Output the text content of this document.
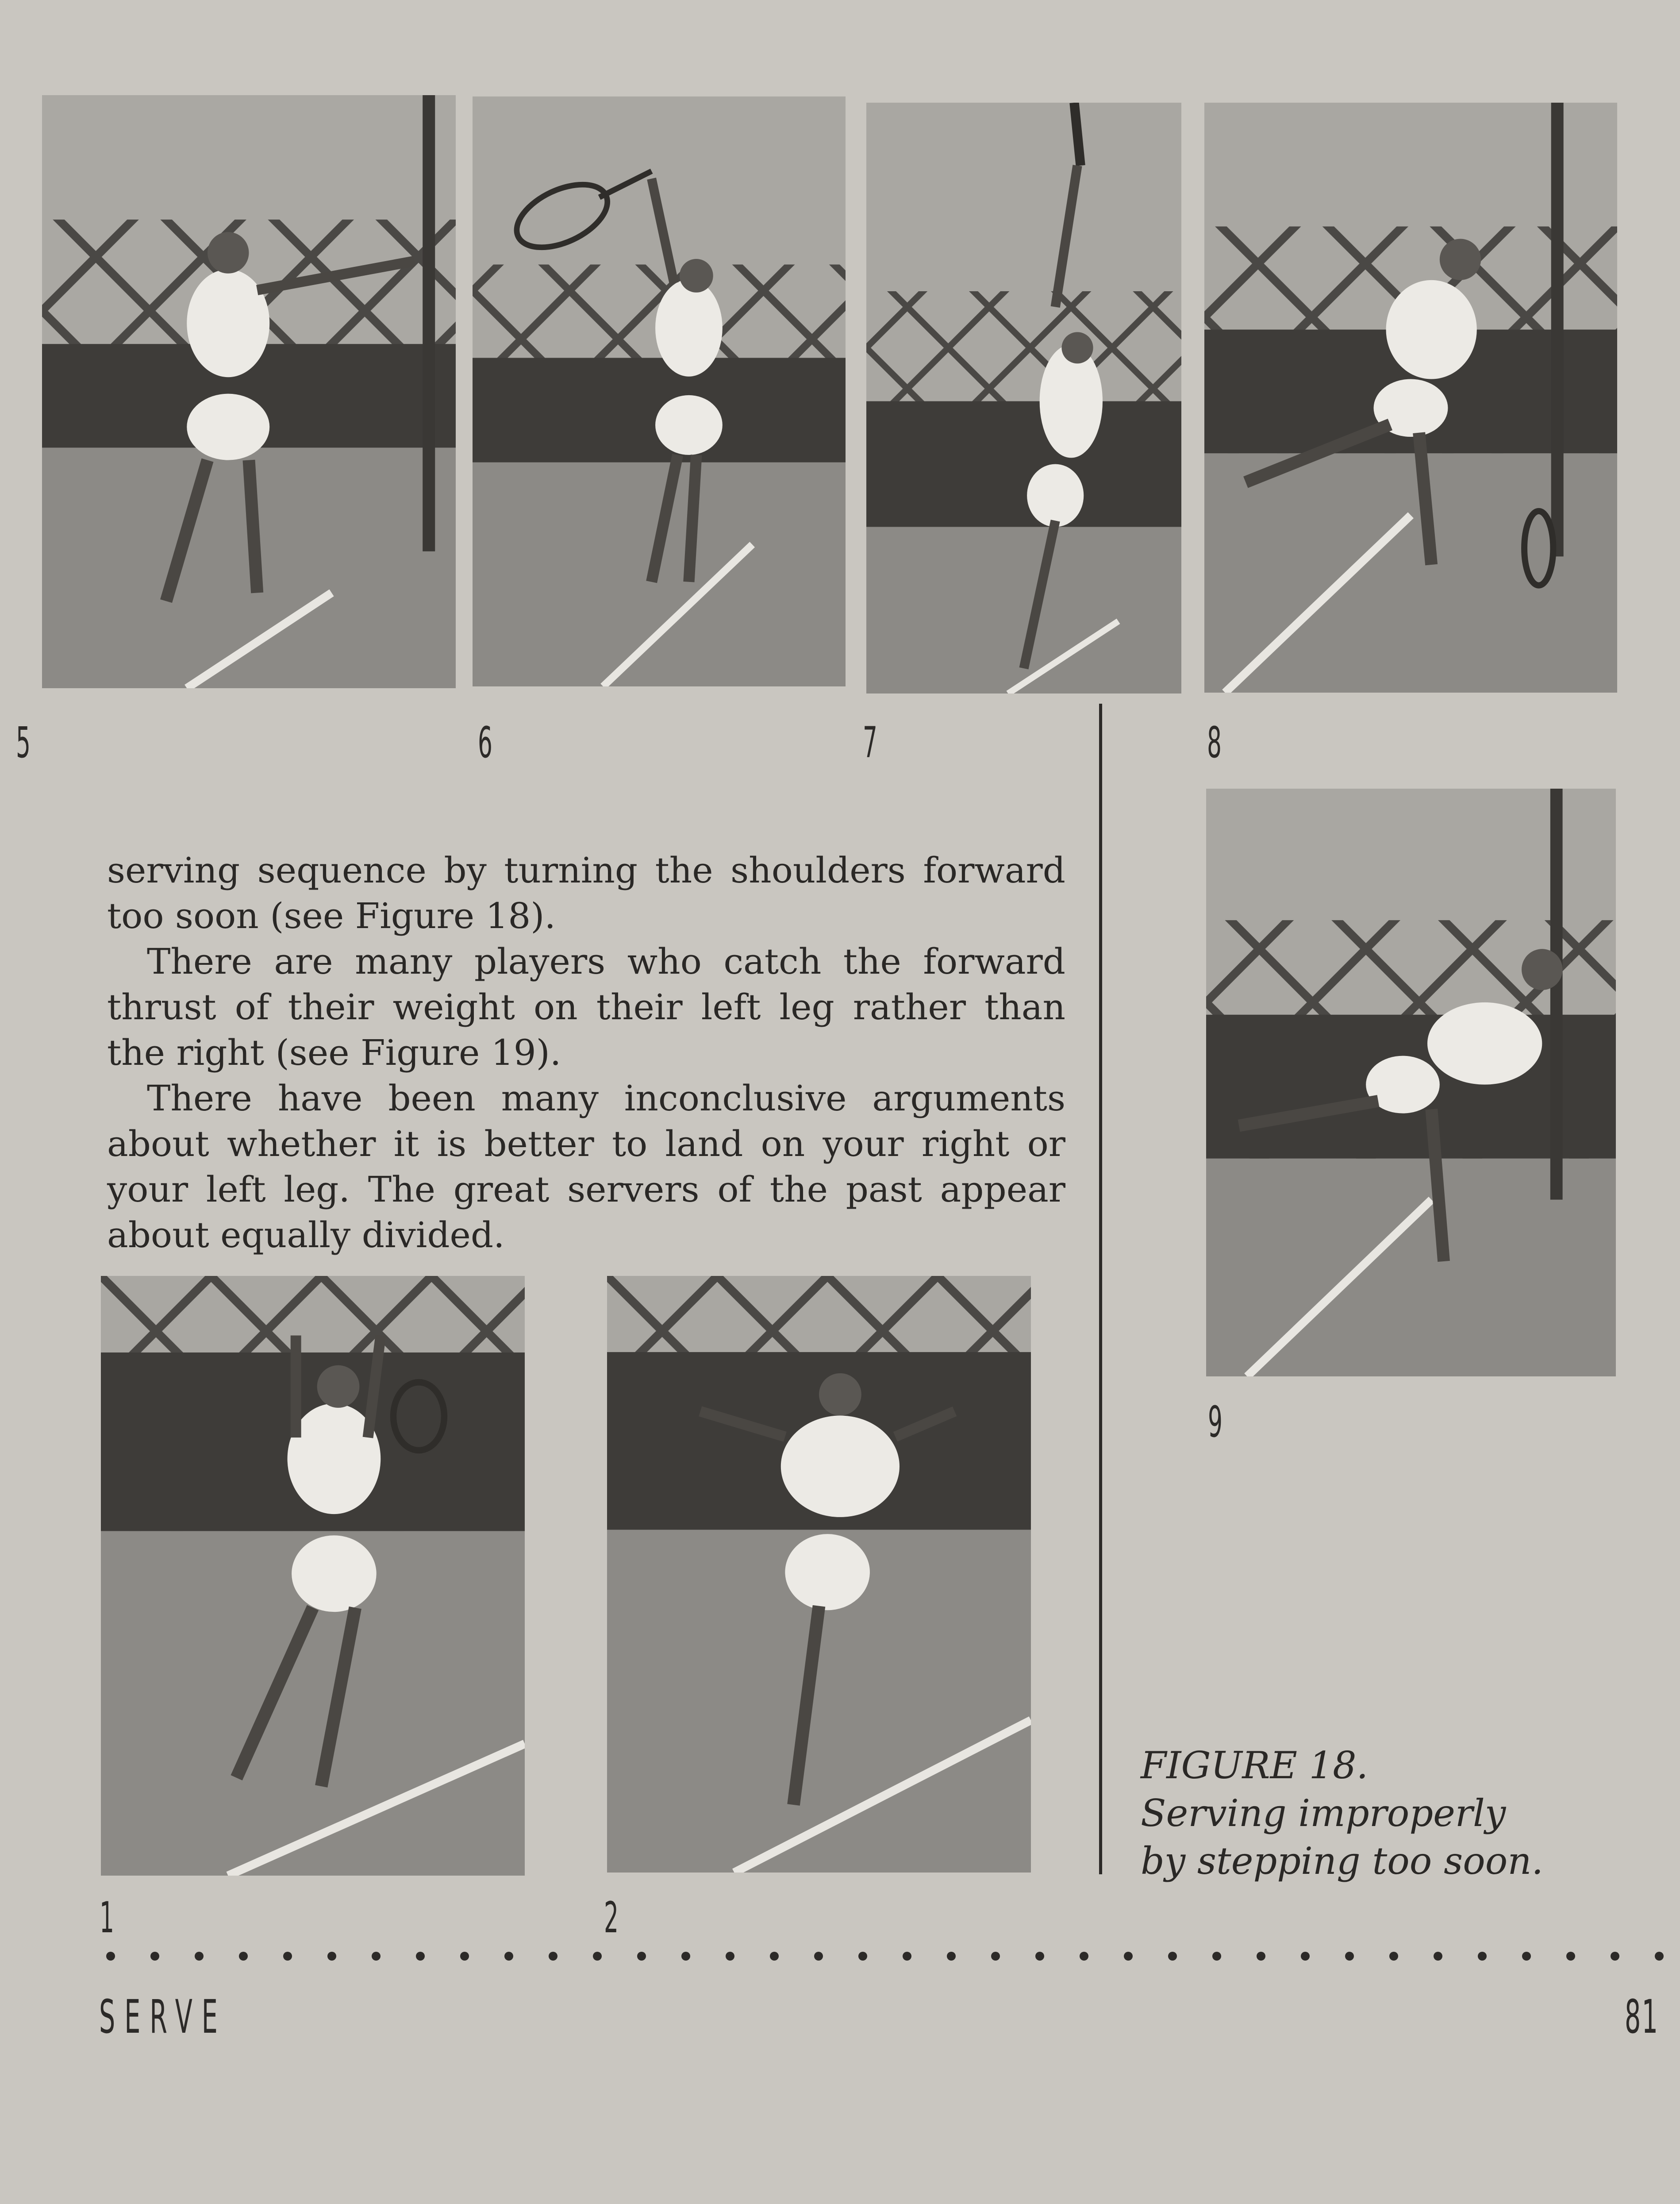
5	6	7	8

serving sequence by turning the shoulders forward too soon (see Figure 18).

There are many players who catch the forward thrust of their weight on their left leg rather than the right (see Figure 19).

There have been many inconclusive arguments about whether it is better to land on your right or your left leg. The great servers of the past appear about equally divided.

9
1	2
FIGURE 18.
Serving improperly
by stepping too soon.
SERVE	81
